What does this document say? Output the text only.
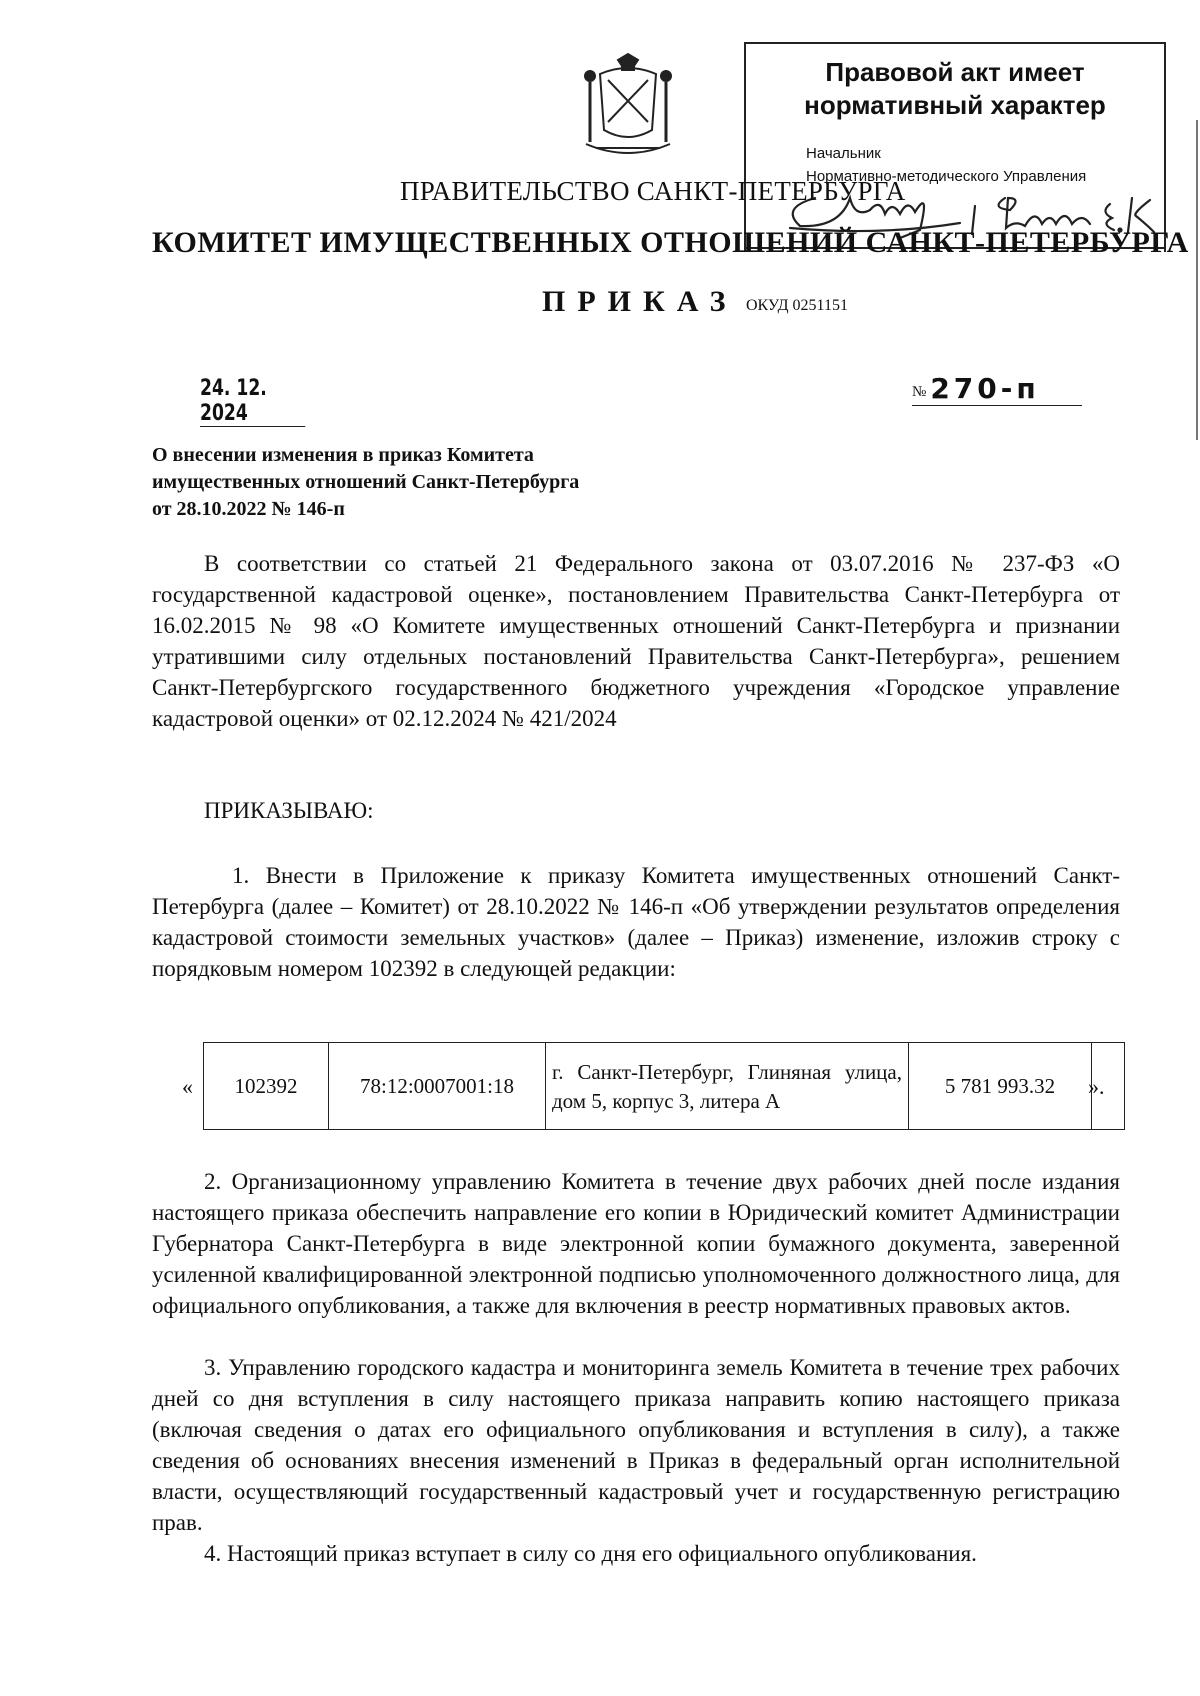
Правовой акт имеет нормативный характер
Начальник
Нормативно-методического Управления
ПРАВИТЕЛЬСТВО САНКТ-ПЕТЕРБУРГА
КОМИТЕТ ИМУЩЕСТВЕННЫХ ОТНОШЕНИЙ САНКТ-ПЕТЕРБУРГА
ПРИКАЗ ОКУД 0251151
24. 12. 2024
№ 270-п
О внесении изменения в приказ Комитета
имущественных отношений Санкт-Петербурга
от 28.10.2022 № 146-п
В соответствии со статьей 21 Федерального закона от 03.07.2016 № 237-ФЗ «О государственной кадастровой оценке», постановлением Правительства Санкт-Петербурга от 16.02.2015 № 98 «О Комитете имущественных отношений Санкт-Петербурга и признании утратившими силу отдельных постановлений Правительства Санкт-Петербурга», решением Санкт-Петербургского государственного бюджетного учреждения «Городское управление кадастровой оценки» от 02.12.2024 № 421/2024
ПРИКАЗЫВАЮ:
1. Внести в Приложение к приказу Комитета имущественных отношений Санкт-Петербурга (далее – Комитет) от 28.10.2022 № 146-п «Об утверждении результатов определения кадастровой стоимости земельных участков» (далее – Приказ) изменение, изложив строку с порядковым номером 102392 в следующей редакции:
« 102392	78:12:0007001:18	г. Санкт-Петербург, Глиняная улица, дом 5, корпус 3, литера А	5 781 993.32	».
2. Организационному управлению Комитета в течение двух рабочих дней после издания настоящего приказа обеспечить направление его копии в Юридический комитет Администрации Губернатора Санкт-Петербурга в виде электронной копии бумажного документа, заверенной усиленной квалифицированной электронной подписью уполномоченного должностного лица, для официального опубликования, а также для включения в реестр нормативных правовых актов.
3. Управлению городского кадастра и мониторинга земель Комитета в течение трех рабочих дней со дня вступления в силу настоящего приказа направить копию настоящего приказа (включая сведения о датах его официального опубликования и вступления в силу), а также сведения об основаниях внесения изменений в Приказ в федеральный орган исполнительной власти, осуществляющий государственный кадастровый учет и государственную регистрацию прав.
4. Настоящий приказ вступает в силу со дня его официального опубликования.
